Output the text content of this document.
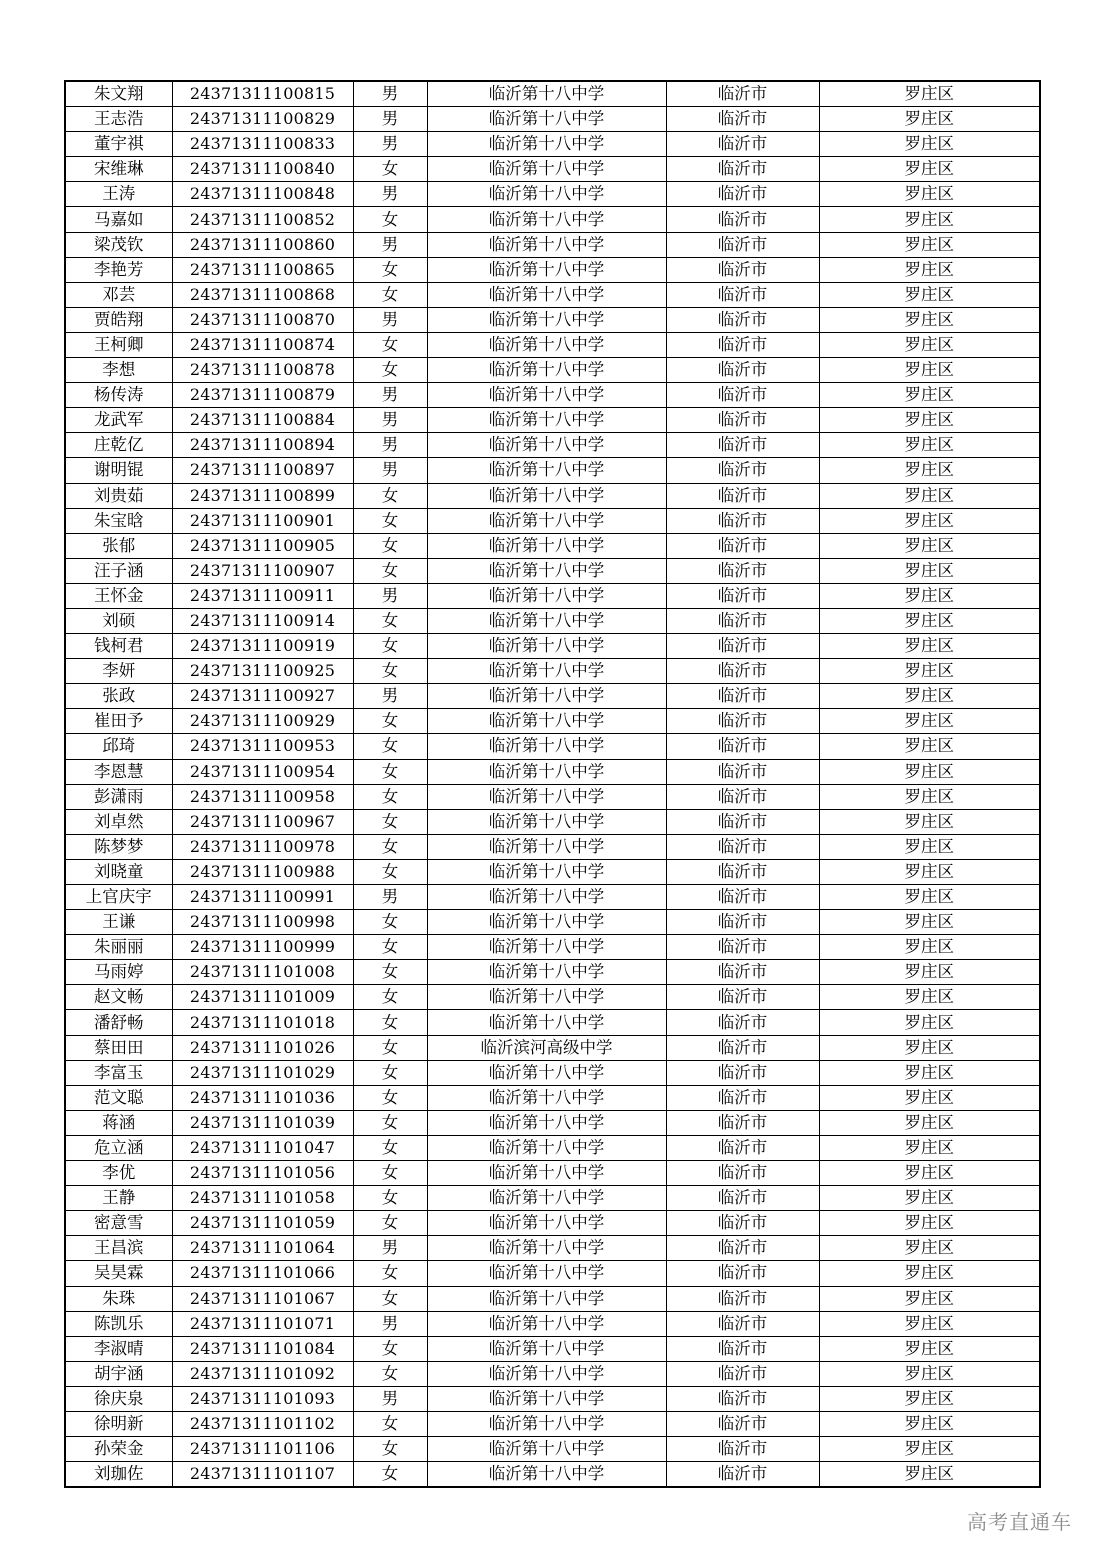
朱文翔	24371311100815	男	临沂第十八中学	临沂市	罗庄区
王志浩	24371311100829	男	临沂第十八中学	临沂市	罗庄区
董宇祺	24371311100833	男	临沂第十八中学	临沂市	罗庄区
宋维琳	24371311100840	女	临沂第十八中学	临沂市	罗庄区
王涛	24371311100848	男	临沂第十八中学	临沂市	罗庄区
马嘉如	24371311100852	女	临沂第十八中学	临沂市	罗庄区
梁茂钦	24371311100860	男	临沂第十八中学	临沂市	罗庄区
李艳芳	24371311100865	女	临沂第十八中学	临沂市	罗庄区
邓芸	24371311100868	女	临沂第十八中学	临沂市	罗庄区
贾皓翔	24371311100870	男	临沂第十八中学	临沂市	罗庄区
王柯卿	24371311100874	女	临沂第十八中学	临沂市	罗庄区
李想	24371311100878	女	临沂第十八中学	临沂市	罗庄区
杨传涛	24371311100879	男	临沂第十八中学	临沂市	罗庄区
龙武军	24371311100884	男	临沂第十八中学	临沂市	罗庄区
庄乾亿	24371311100894	男	临沂第十八中学	临沂市	罗庄区
谢明锟	24371311100897	男	临沂第十八中学	临沂市	罗庄区
刘贵茹	24371311100899	女	临沂第十八中学	临沂市	罗庄区
朱宝晗	24371311100901	女	临沂第十八中学	临沂市	罗庄区
张郁	24371311100905	女	临沂第十八中学	临沂市	罗庄区
汪子涵	24371311100907	女	临沂第十八中学	临沂市	罗庄区
王怀金	24371311100911	男	临沂第十八中学	临沂市	罗庄区
刘硕	24371311100914	女	临沂第十八中学	临沂市	罗庄区
钱柯君	24371311100919	女	临沂第十八中学	临沂市	罗庄区
李妍	24371311100925	女	临沂第十八中学	临沂市	罗庄区
张政	24371311100927	男	临沂第十八中学	临沂市	罗庄区
崔田予	24371311100929	女	临沂第十八中学	临沂市	罗庄区
邱琦	24371311100953	女	临沂第十八中学	临沂市	罗庄区
李恩慧	24371311100954	女	临沂第十八中学	临沂市	罗庄区
彭潇雨	24371311100958	女	临沂第十八中学	临沂市	罗庄区
刘卓然	24371311100967	女	临沂第十八中学	临沂市	罗庄区
陈梦梦	24371311100978	女	临沂第十八中学	临沂市	罗庄区
刘晓童	24371311100988	女	临沂第十八中学	临沂市	罗庄区
上官庆宇	24371311100991	男	临沂第十八中学	临沂市	罗庄区
王谦	24371311100998	女	临沂第十八中学	临沂市	罗庄区
朱丽丽	24371311100999	女	临沂第十八中学	临沂市	罗庄区
马雨婷	24371311101008	女	临沂第十八中学	临沂市	罗庄区
赵文畅	24371311101009	女	临沂第十八中学	临沂市	罗庄区
潘舒畅	24371311101018	女	临沂第十八中学	临沂市	罗庄区
蔡田田	24371311101026	女	临沂滨河高级中学	临沂市	罗庄区
李富玉	24371311101029	女	临沂第十八中学	临沂市	罗庄区
范文聪	24371311101036	女	临沂第十八中学	临沂市	罗庄区
蒋涵	24371311101039	女	临沂第十八中学	临沂市	罗庄区
危立涵	24371311101047	女	临沂第十八中学	临沂市	罗庄区
李优	24371311101056	女	临沂第十八中学	临沂市	罗庄区
王静	24371311101058	女	临沂第十八中学	临沂市	罗庄区
密意雪	24371311101059	女	临沂第十八中学	临沂市	罗庄区
王昌滨	24371311101064	男	临沂第十八中学	临沂市	罗庄区
吴昊霖	24371311101066	女	临沂第十八中学	临沂市	罗庄区
朱珠	24371311101067	女	临沂第十八中学	临沂市	罗庄区
陈凯乐	24371311101071	男	临沂第十八中学	临沂市	罗庄区
李淑晴	24371311101084	女	临沂第十八中学	临沂市	罗庄区
胡宇涵	24371311101092	女	临沂第十八中学	临沂市	罗庄区
徐庆泉	24371311101093	男	临沂第十八中学	临沂市	罗庄区
徐明新	24371311101102	女	临沂第十八中学	临沂市	罗庄区
孙荣金	24371311101106	女	临沂第十八中学	临沂市	罗庄区
刘珈佐	24371311101107	女	临沂第十八中学	临沂市	罗庄区
高考直通车
